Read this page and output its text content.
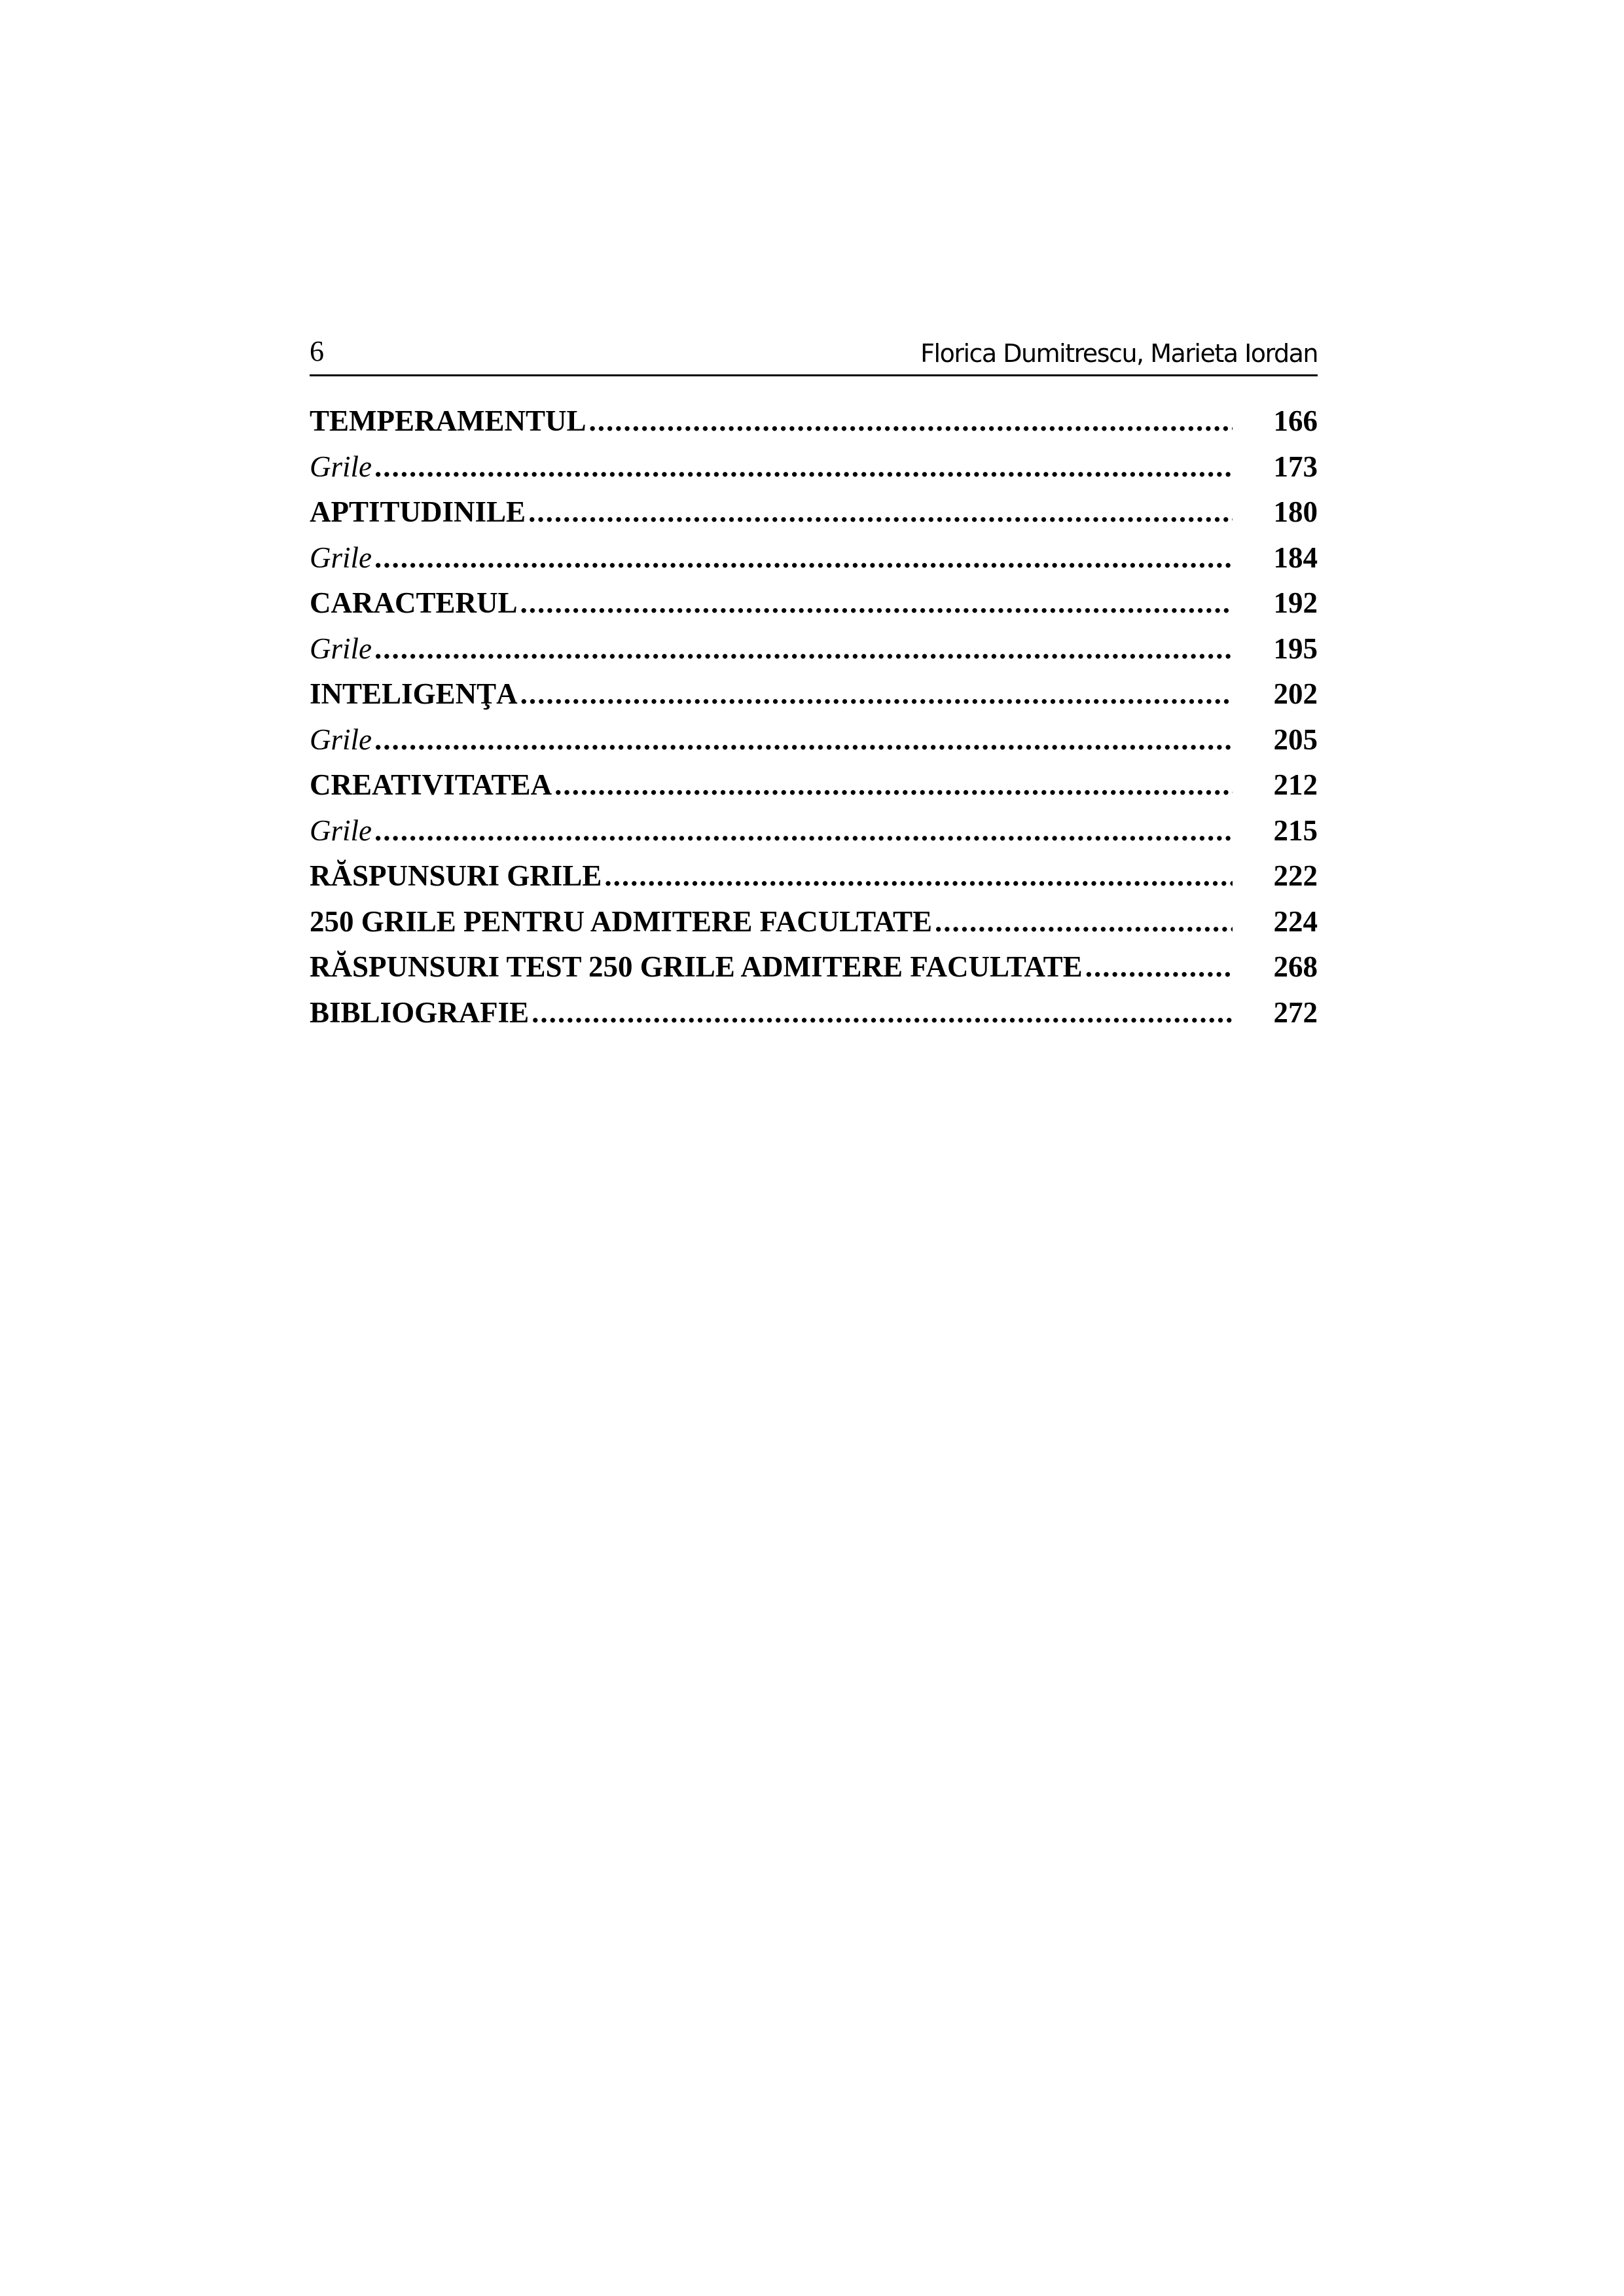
6	Florica Dumitrescu, Marieta Iordan
TEMPERAMENTUL .....	166
Grile .....	173
APTITUDINILE .....	180
Grile .....	184
CARACTERUL .....	192
Grile .....	195
INTELIGENŢA .....	202
Grile .....	205
CREATIVITATEA .....	212
Grile .....	215
RĂSPUNSURI GRILE .....	222
250 GRILE PENTRU ADMITERE FACULTATE .....	224
RĂSPUNSURI TEST 250 GRILE ADMITERE FACULTATE .....	268
BIBLIOGRAFIE .....	272
